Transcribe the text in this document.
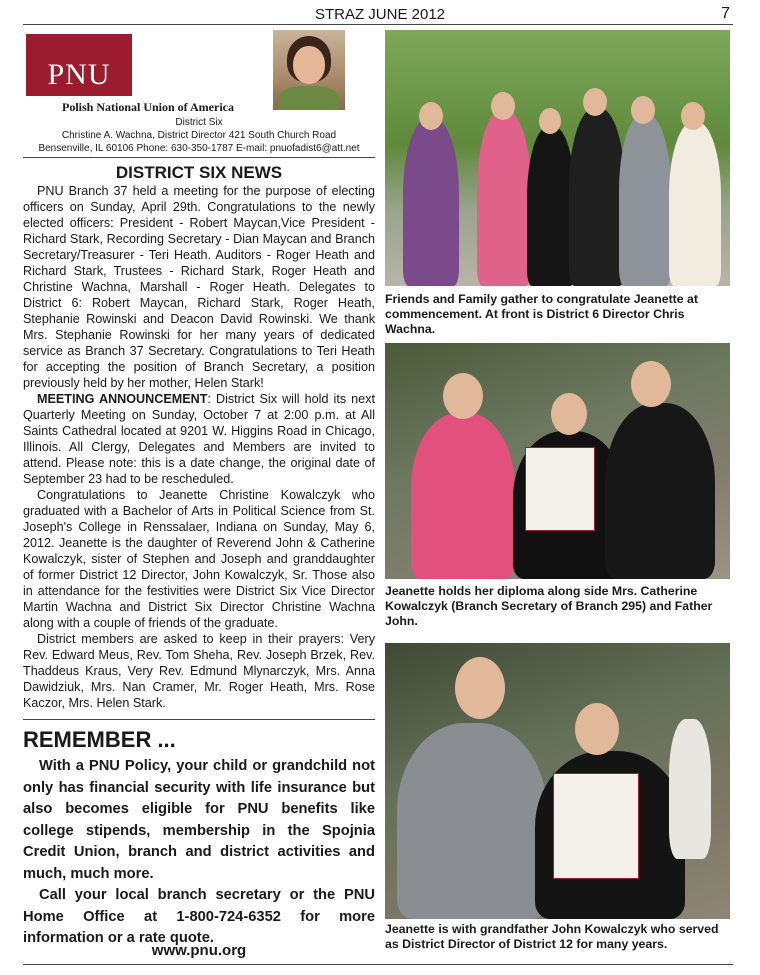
STRAZ JUNE 2012	7
PNU
Polish National Union of America
District Six
Christine A. Wachna, District Director 421 South Church Road
Bensenville, IL 60106 Phone: 630-350-1787 E-mail: pnuofadist6@att.net
DISTRICT SIX NEWS

PNU Branch 37 held a meeting for the purpose of electing officers on Sunday, April 29th. Congratulations to the newly elected officers: President - Robert Maycan,Vice President - Richard Stark, Recording Secretary - Dian Maycan and Branch Secretary/Treasurer - Teri Heath. Auditors - Roger Heath and Richard Stark, Trustees - Richard Stark, Roger Heath and Christine Wachna, Marshall - Roger Heath. Delegates to District 6: Robert Maycan, Richard Stark, Roger Heath, Stephanie Rowinski and Deacon David Rowinski. We thank Mrs. Stephanie Rowinski for her many years of dedicated service as Branch 37 Secretary. Congratulations to Teri Heath for accepting the position of Branch Secretary, a position previously held by her mother, Helen Stark!

MEETING ANNOUNCEMENT: District Six will hold its next Quarterly Meeting on Sunday, October 7 at 2:00 p.m. at All Saints Cathedral located at 9201 W. Higgins Road in Chicago, Illinois. All Clergy, Delegates and Members are invited to attend. Please note: this is a date change, the original date of September 23 had to be rescheduled.

Congratulations to Jeanette Christine Kowalczyk who graduated with a Bachelor of Arts in Political Science from St. Joseph's College in Renssalaer, Indiana on Sunday, May 6, 2012. Jeanette is the daughter of Reverend John & Catherine Kowalczyk, sister of Stephen and Joseph and granddaughter of former District 12 Director, John Kowalczyk, Sr. Those also in attendance for the festivities were District Six Vice Director Martin Wachna and District Six Director Christine Wachna along with a couple of friends of the graduate.

District members are asked to keep in their prayers: Very Rev. Edward Meus, Rev. Tom Sheha, Rev. Joseph Brzek, Rev. Thaddeus Kraus, Very Rev. Edmund Mlynarczyk, Mrs. Anna Dawidziuk, Mrs. Nan Cramer, Mr. Roger Heath, Mrs. Rose Kaczor, Mrs. Helen Stark.

REMEMBER ...

With a PNU Policy, your child or grandchild not only has financial security with life insurance but also becomes eligible for PNU benefits like college stipends, membership in the Spojnia Credit Union, branch and district activities and much, much more.

Call your local branch secretary or the PNU Home Office at 1-800-724-6352 for more information or a rate quote.

www.pnu.org
Friends and Family gather to congratulate Jeanette at commencement. At front is District 6 Director Chris Wachna.
Jeanette holds her diploma along side Mrs. Catherine Kowalczyk (Branch Secretary of Branch 295) and Father John.
Jeanette is with grandfather John Kowalczyk who served as District Director of District 12 for many years.
